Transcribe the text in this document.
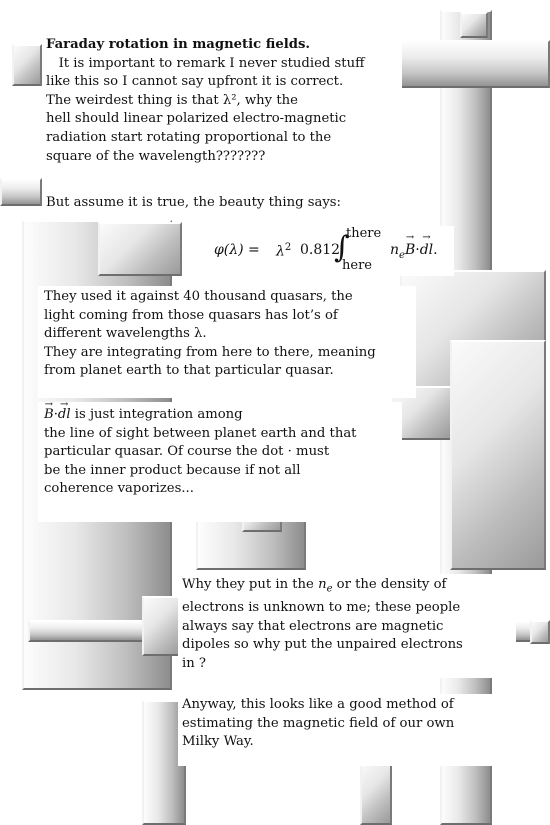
Faraday rotation in magnetic fields.

It is important to remark I never studied stuff

like this so I cannot say upfront it is correct.

The weirdest thing is that λ², why the

hell should linear polarized electro-magnetic

radiation start rotating proportional to the

square of the wavelength???????

But assume it is true, the beauty thing says:

$\varphi(\lambda) = \lambda^2$ 0.812
∫
there
here
$n_e\to B\cdot\to$ dl.

They used it against 40 thousand quasars, the

light coming from those quasars has lot’s of

different wavelengths λ.

They are integrating from here to there, meaning

from planet earth to that particular quasar.

→ B·→ dl is just integration among

the line of sight between planet earth and that

particular quasar. Of course the dot · must

be the inner product because if not all

coherence vaporizes...

Why they put in the $n_e$ or the density of

electrons is unknown to me; these people

always say that electrons are magnetic

dipoles so why put the unpaired electrons

in ?

Anyway, this looks like a good method of

estimating the magnetic field of our own

Milky Way.
